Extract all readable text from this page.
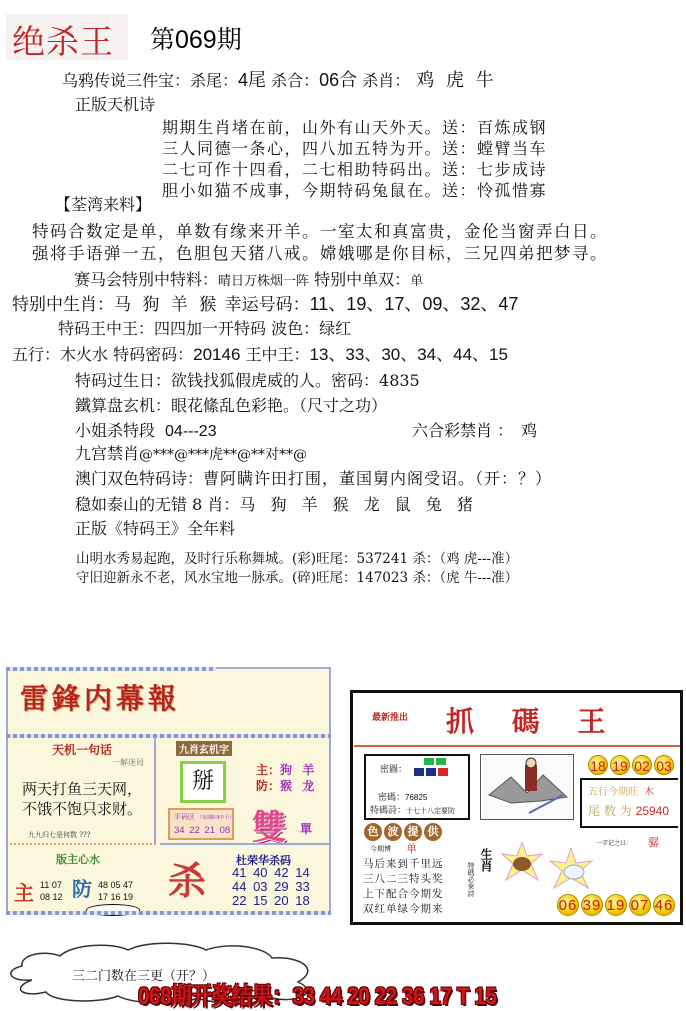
绝杀王 第069期
乌鸦传说三件宝：杀尾：4尾 杀合：06合 杀肖： 鸡 虎 牛
正版天机诗
期期生肖堵在前，山外有山天外天。送：百炼成钢
三人同德一条心，四八加五特为开。送：螳臂当车
二七可作十四看，二七相助特码出。送：七步成诗
胆小如猫不成事，今期特码兔鼠在。送：怜孤惜寡
【荃湾来料】
特码合数定是单，单数有缘来开羊。一室太和真富贵，金伦当窗弄白日。
强将手语弹一五，色胆包天猪八戒。嫦娥哪是你目标，三兄四弟把梦寻。
赛马会特別中特料：晴日万株烟一阵 特别中单双：单
特别中生肖：马 狗 羊 猴 幸运号码：11、19、17、09、32、47
特码王中王：四四加一开特码 波色：绿红
五行：木火水 特码密码：20146 王中王：13、33、30、34、44、15
特码过生日：欲钱找狐假虎威的人。密码：4835
鐵算盘玄机：眼花絛乱色彩艳。（尺寸之功）
小姐杀特段 04---23	六合彩禁肖 ： 鸡
九宫禁肖@***@***虎**@**对**@
澳门双色特码诗：曹阿瞒许田打围，董国舅内阁受诏。（开：？）
稳如泰山的无错 8 肖：马 狗 羊 猴 龙 鼠 兔 猪
正版《特码王》全年料
山明水秀易起跑，及时行乐称舞城。(彩)旺尾：537241 杀：（鸡 虎---准）
守旧迎新永不老，风水宝地一脉承。(碎)旺尾：147023 杀：（虎 牛---准）
雷鋒内幕報
天机一句话
一解迷局
两天打鱼三天网，
不饿不饱只求财。
九九归七是何数 ???
九肖玄机字
掰
平码区 （每期8-9中个）
34 22 21 08
主：狗 羊
防：猴 龙
雙 單
版主心水
主 11 07
08 12 防 48 05 47
17 16 19 杀	杜荣华杀码
41 40 42 14
44 03 29 33
22 15 20 18
最新推出 抓 碼 王
密圖：
密碼：76825
特碼詩：十七十八定要防
18 19 02 03
五行今期旺 木
尾 数 为 25940
色 波 提 供
今期博 单
马后来到千里远
三八二三特头奖
上下配合今期发
双红单绿今期来
生肖
特碼必來詩
一字记之曰： 骣
06 39 19 07 46
三二门数在三更（开？）
068期开奖结果：33 44 20 22 36 17 T 15
